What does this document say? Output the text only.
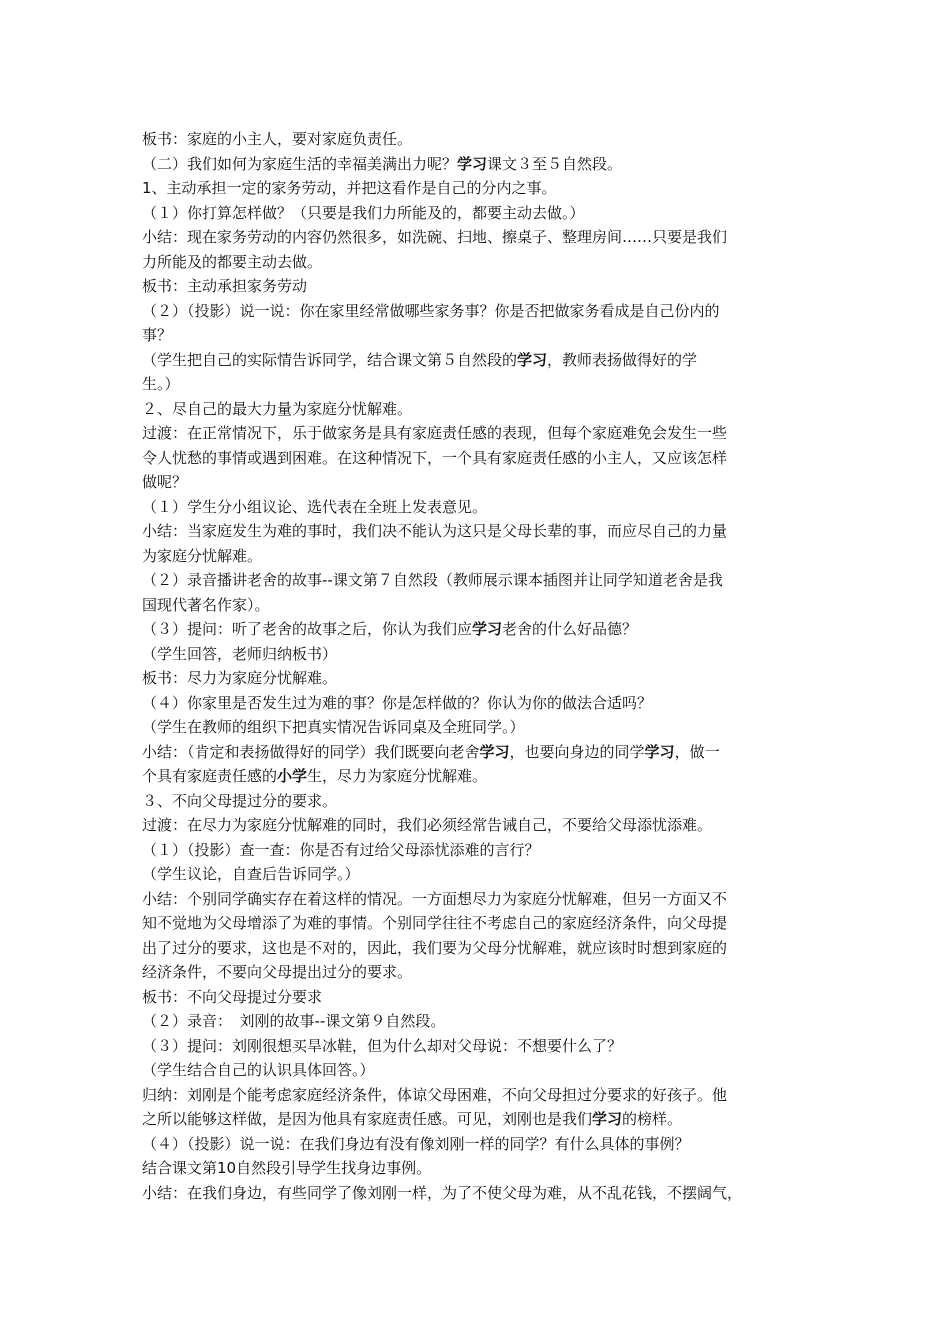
板书：家庭的小主人，要对家庭负责任。
（二）我们如何为家庭生活的幸福美满出力呢？学习课文３至５自然段。
1、主动承担一定的家务劳动，并把这看作是自己的分内之事。
（１）你打算怎样做？（只要是我们力所能及的，都要主动去做。）
小结：现在家务劳动的内容仍然很多，如洗碗、扫地、擦桌子、整理房间……只要是我们
力所能及的都要主动去做。
板书：主动承担家务劳动
（２）（投影）说一说：你在家里经常做哪些家务事？你是否把做家务看成是自己份内的
事？
（学生把自己的实际情告诉同学，结合课文第５自然段的学习，教师表扬做得好的学
生。）
２、尽自己的最大力量为家庭分忧解难。
过渡：在正常情况下，乐于做家务是具有家庭责任感的表现，但每个家庭难免会发生一些
令人忧愁的事情或遇到困难。在这种情况下，一个具有家庭责任感的小主人，又应该怎样
做呢？
（１）学生分小组议论、选代表在全班上发表意见。
小结：当家庭发生为难的事时，我们决不能认为这只是父母长辈的事，而应尽自己的力量
为家庭分忧解难。
（２）录音播讲老舍的故事--课文第７自然段（教师展示课本插图并让同学知道老舍是我
国现代著名作家）。
（３）提问：听了老舍的故事之后，你认为我们应学习老舍的什么好品德？
（学生回答，老师归纳板书）
板书：尽力为家庭分忧解难。
（４）你家里是否发生过为难的事？你是怎样做的？你认为你的做法合适吗？
（学生在教师的组织下把真实情况告诉同桌及全班同学。）
小结：（肯定和表扬做得好的同学）我们既要向老舍学习，也要向身边的同学学习，做一
个具有家庭责任感的小学生，尽力为家庭分忧解难。
３、不向父母提过分的要求。
过渡：在尽力为家庭分忧解难的同时，我们必须经常告诫自己，不要给父母添忧添难。
（１）（投影）查一查：你是否有过给父母添忧添难的言行？
（学生议论，自查后告诉同学。）
小结：个别同学确实存在着这样的情况。一方面想尽力为家庭分忧解难，但另一方面又不
知不觉地为父母增添了为难的事情。个别同学往往不考虑自己的家庭经济条件，向父母提
出了过分的要求，这也是不对的，因此，我们要为父母分忧解难，就应该时时想到家庭的
经济条件，不要向父母提出过分的要求。
板书：不向父母提过分要求
（２）录音：　刘刚的故事--课文第９自然段。
（３）提问：刘刚很想买旱冰鞋，但为什么却对父母说：不想要什么了？
（学生结合自己的认识具体回答。）
归纳：刘刚是个能考虑家庭经济条件，体谅父母困难，不向父母担过分要求的好孩子。他
之所以能够这样做，是因为他具有家庭责任感。可见，刘刚也是我们学习的榜样。
（４）（投影）说一说：在我们身边有没有像刘刚一样的同学？有什么具体的事例？
结合课文第10自然段引导学生找身边事例。
小结：在我们身边，有些同学了像刘刚一样，为了不使父母为难，从不乱花钱，不摆阔气，
